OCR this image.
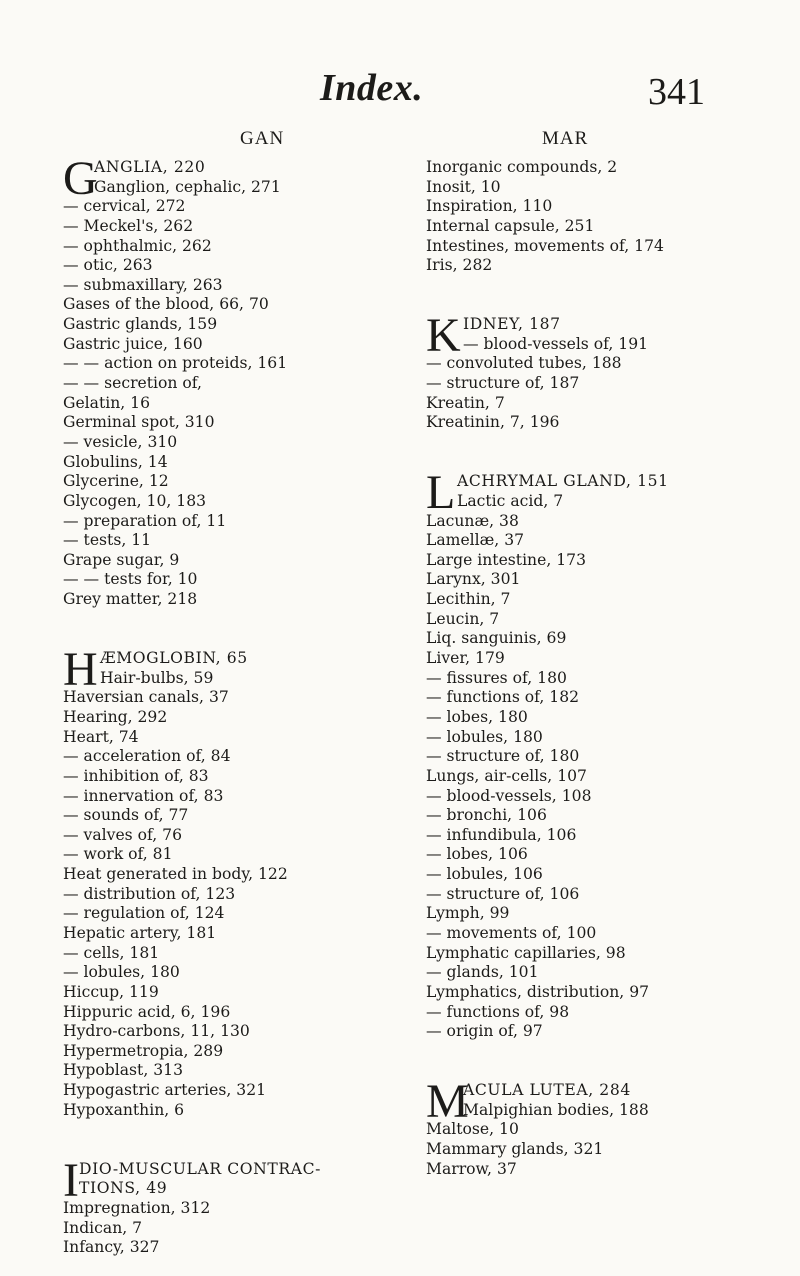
Index.	341
GAN	MAR
G
ANGLIA, 220
Ganglion, cephalic, 271
— cervical, 272
— Meckel's, 262
— ophthalmic, 262
— otic, 263
— submaxillary, 263
Gases of the blood, 66, 70
Gastric glands, 159
Gastric juice, 160
— — action on proteids, 161
— — secretion of,
Gelatin, 16
Germinal spot, 310
— vesicle, 310
Globulins, 14
Glycerine, 12
Glycogen, 10, 183
— preparation of, 11
— tests, 11
Grape sugar, 9
— — tests for, 10
Grey matter, 218
H ÆMOGLOBIN, 65
Hair-bulbs, 59
Haversian canals, 37
Hearing, 292
Heart, 74
— acceleration of, 84
— inhibition of, 83
— innervation of, 83
— sounds of, 77
— valves of, 76
— work of, 81
Heat generated in body, 122
— distribution of, 123
— regulation of, 124
Hepatic artery, 181
— cells, 181
— lobules, 180
Hiccup, 119
Hippuric acid, 6, 196
Hydro-carbons, 11, 130
Hypermetropia, 289
Hypoblast, 313
Hypogastric arteries, 321
Hypoxanthin, 6
I DIO-MUSCULAR CONTRAC-
TIONS, 49
Impregnation, 312
Indican, 7
Infancy, 327
Inorganic compounds, 2
Inosit, 10
Inspiration, 110
Internal capsule, 251
Intestines, movements of, 174
Iris, 282
K IDNEY, 187
— blood-vessels of, 191
— convoluted tubes, 188
— structure of, 187
Kreatin, 7
Kreatinin, 7, 196
L ACHRYMAL GLAND, 151
Lactic acid, 7
Lacunæ, 38
Lamellæ, 37
Large intestine, 173
Larynx, 301
Lecithin, 7
Leucin, 7
Liq. sanguinis, 69
Liver, 179
— fissures of, 180
— functions of, 182
— lobes, 180
— lobules, 180
— structure of, 180
Lungs, air-cells, 107
— blood-vessels, 108
— bronchi, 106
— infundibula, 106
— lobes, 106
— lobules, 106
— structure of, 106
Lymph, 99
— movements of, 100
Lymphatic capillaries, 98
— glands, 101
Lymphatics, distribution, 97
— functions of, 98
— origin of, 97
M
ACULA LUTEA, 284
Malpighian bodies, 188
Maltose, 10
Mammary glands, 321
Marrow, 37
